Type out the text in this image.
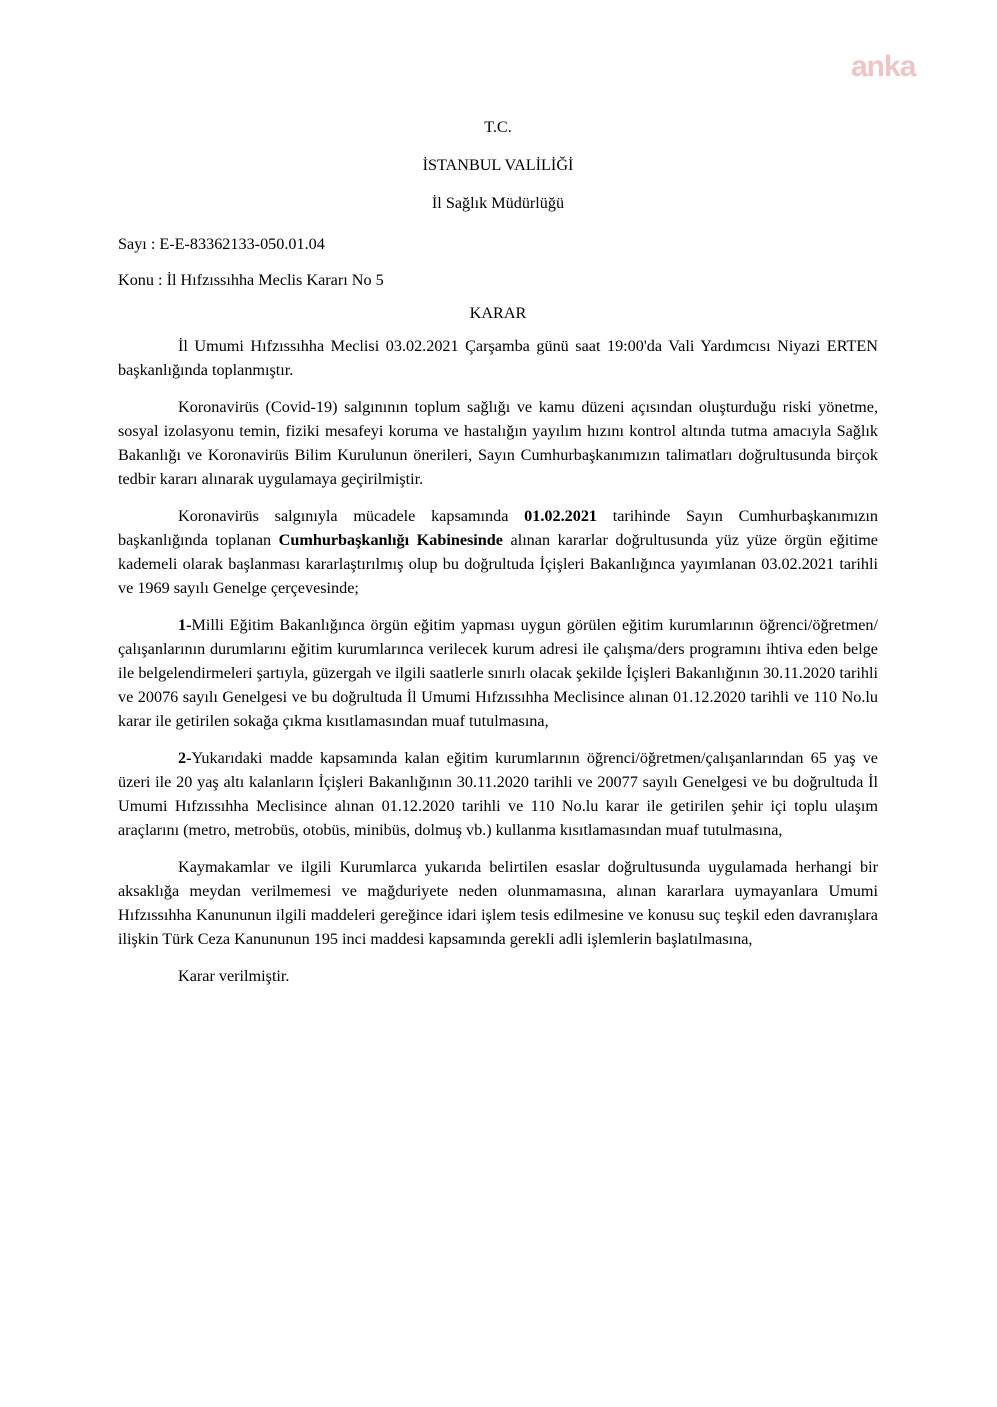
anka

T.C.

İSTANBUL VALİLİĞİ

İl Sağlık Müdürlüğü

Sayı : E-E-83362133-050.01.04

Konu : İl Hıfzıssıhha Meclis Kararı No 5

KARAR

İl Umumi Hıfzıssıhha Meclisi 03.02.2021 Çarşamba günü saat 19:00'da Vali Yardımcısı Niyazi ERTEN başkanlığında toplanmıştır.

Koronavirüs (Covid-19) salgınının toplum sağlığı ve kamu düzeni açısından oluşturduğu riski yönetme, sosyal izolasyonu temin, fiziki mesafeyi koruma ve hastalığın yayılım hızını kontrol altında tutma amacıyla Sağlık Bakanlığı ve Koronavirüs Bilim Kurulunun önerileri, Sayın Cumhurbaşkanımızın talimatları doğrultusunda birçok tedbir kararı alınarak uygulamaya geçirilmiştir.

Koronavirüs salgınıyla mücadele kapsamında 01.02.2021 tarihinde Sayın Cumhurbaşkanımızın başkanlığında toplanan Cumhurbaşkanlığı Kabinesinde alınan kararlar doğrultusunda yüz yüze örgün eğitime kademeli olarak başlanması kararlaştırılmış olup bu doğrultuda İçişleri Bakanlığınca yayımlanan 03.02.2021 tarihli ve 1969 sayılı Genelge çerçevesinde;

1-Milli Eğitim Bakanlığınca örgün eğitim yapması uygun görülen eğitim kurumlarının öğrenci/öğretmen/çalışanlarının durumlarını eğitim kurumlarınca verilecek kurum adresi ile çalışma/ders programını ihtiva eden belge ile belgelendirmeleri şartıyla, güzergah ve ilgili saatlerle sınırlı olacak şekilde İçişleri Bakanlığının 30.11.2020 tarihli ve 20076 sayılı Genelgesi ve bu doğrultuda İl Umumi Hıfzıssıhha Meclisince alınan 01.12.2020 tarihli ve 110 No.lu karar ile getirilen sokağa çıkma kısıtlamasından muaf tutulmasına,

2-Yukarıdaki madde kapsamında kalan eğitim kurumlarının öğrenci/öğretmen/çalışanlarından 65 yaş ve üzeri ile 20 yaş altı kalanların İçişleri Bakanlığının 30.11.2020 tarihli ve 20077 sayılı Genelgesi ve bu doğrultuda İl Umumi Hıfzıssıhha Meclisince alınan 01.12.2020 tarihli ve 110 No.lu karar ile getirilen şehir içi toplu ulaşım araçlarını (metro, metrobüs, otobüs, minibüs, dolmuş vb.) kullanma kısıtlamasından muaf tutulmasına,

Kaymakamlar ve ilgili Kurumlarca yukarıda belirtilen esaslar doğrultusunda uygulamada herhangi bir aksaklığa meydan verilmemesi ve mağduriyete neden olunmamasına, alınan kararlara uymayanlara Umumi Hıfzıssıhha Kanununun ilgili maddeleri gereğince idari işlem tesis edilmesine ve konusu suç teşkil eden davranışlara ilişkin Türk Ceza Kanununun 195 inci maddesi kapsamında gerekli adli işlemlerin başlatılmasına,

Karar verilmiştir.
